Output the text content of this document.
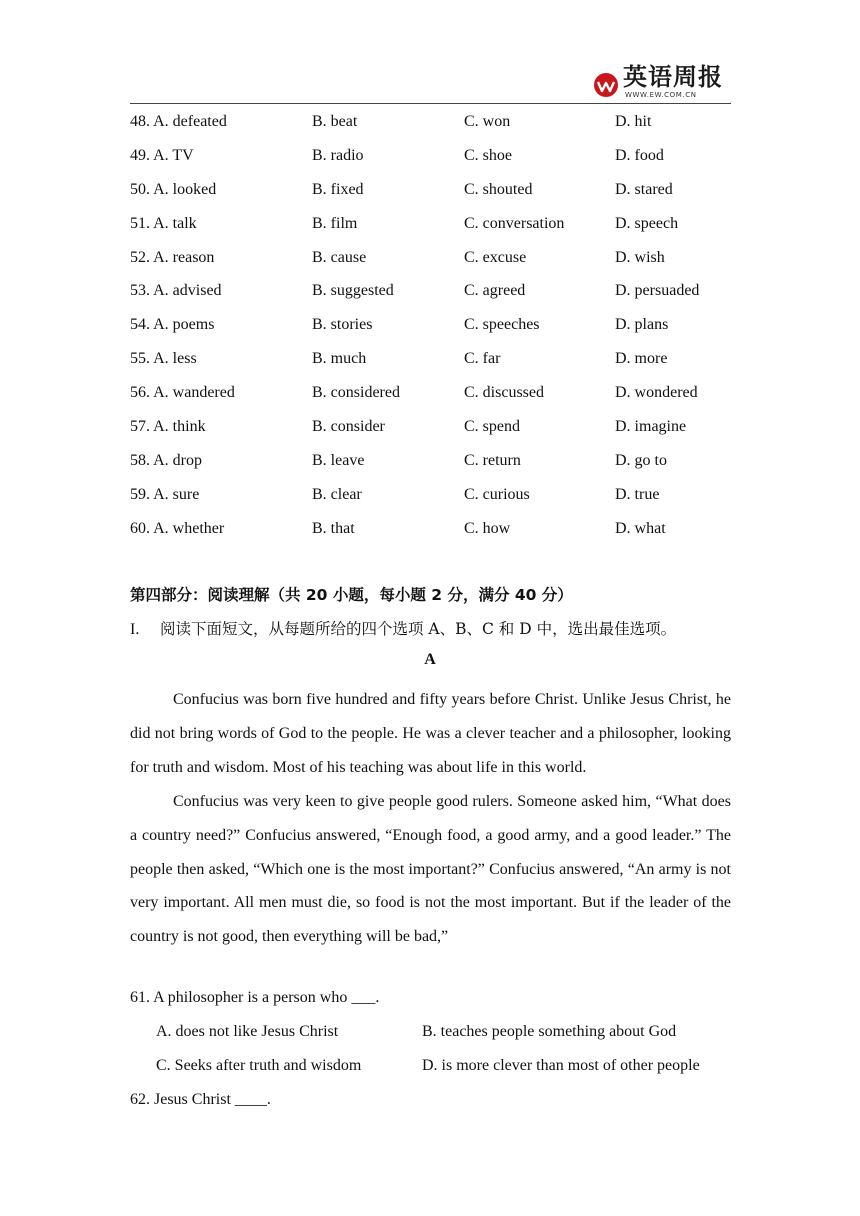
英语周报
WWW.EW.COM.CN
48. A. defeated	B. beat	C. won	D. hit
49. A. TV	B. radio	C. shoe	D. food
50. A. looked	B. fixed	C. shouted	D. stared
51. A. talk	B. film	C. conversation	D. speech
52. A. reason	B. cause	C. excuse	D. wish
53. A. advised	B. suggested	C. agreed	D. persuaded
54. A. poems	B. stories	C. speeches	D. plans
55. A. less	B. much	C. far	D. more
56. A. wandered	B. considered	C. discussed	D. wondered
57. A. think	B. consider	C. spend	D. imagine
58. A. drop	B. leave	C. return	D. go to
59. A. sure	B. clear	C. curious	D. true
60. A. whether	B. that	C. how	D. what
第四部分：阅读理解（共 20 小题，每小题 2 分，满分 40 分）
I. 阅读下面短文，从每题所给的四个选项 A、B、C 和 D 中，选出最佳选项。
A

Confucius was born five hundred and fifty years before Christ. Unlike Jesus Christ, he did not bring words of God to the people. He was a clever teacher and a philosopher, looking for truth and wisdom. Most of his teaching was about life in this world.

Confucius was very keen to give people good rulers. Someone asked him, “What does a country need?” Confucius answered, “Enough food, a good army, and a good leader.” The people then asked, “Which one is the most important?” Confucius answered, “An army is not very important. All men must die, so food is not the most important. But if the leader of the country is not good, then everything will be bad,”

61. A philosopher is a person who ___.
A. does not like Jesus Christ	B. teaches people something about God
C. Seeks after truth and wisdom	D. is more clever than most of other people
62. Jesus Christ ____.
